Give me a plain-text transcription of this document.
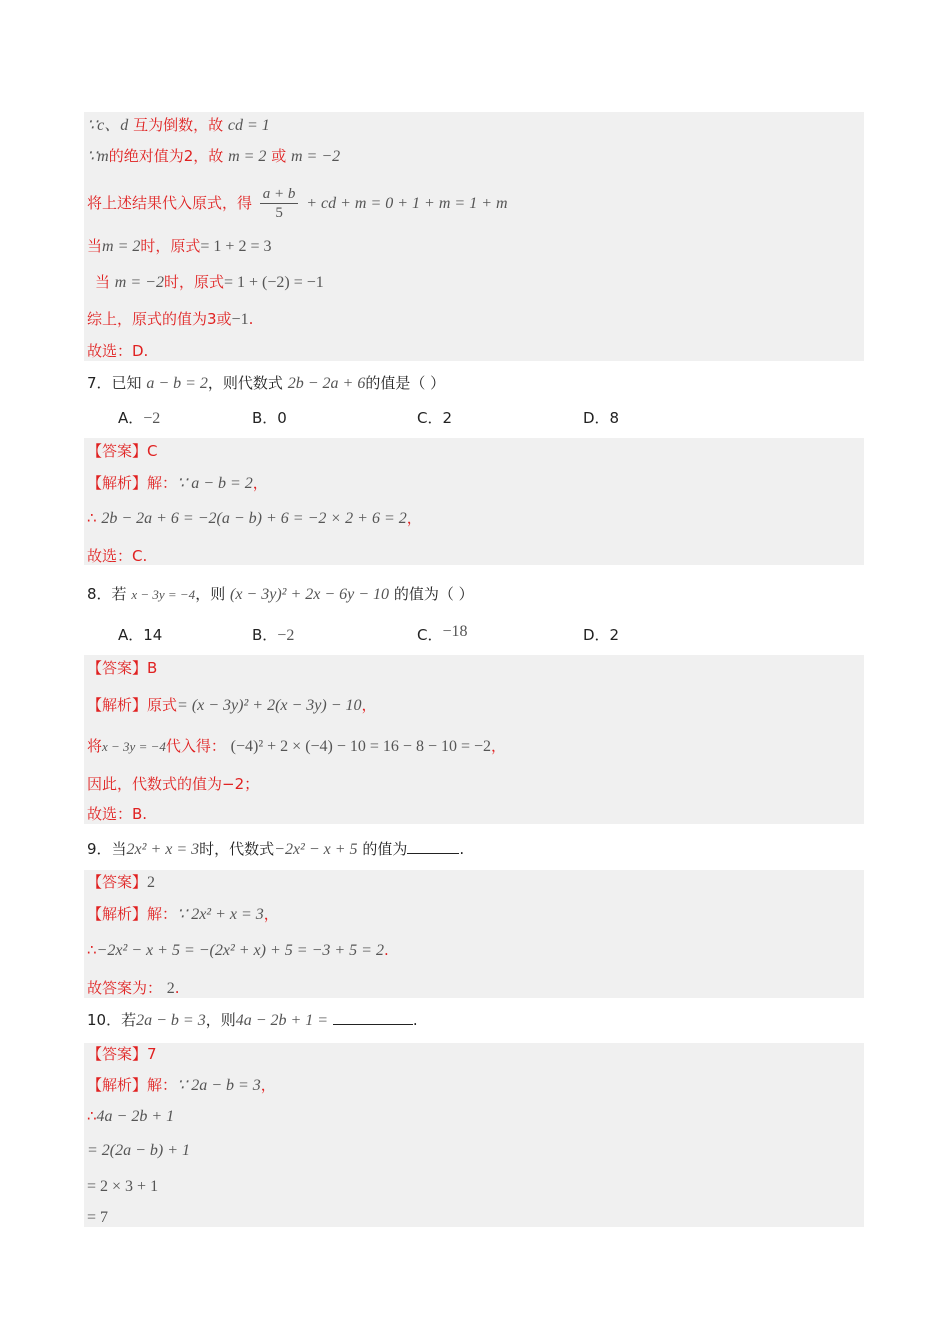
∵c、d 互为倒数，故 cd = 1
∵m的绝对值为2，故 m = 2 或 m = −2
将上述结果代入原式，得 $\frac{a + b}{5}$ + cd + m = 0 + 1 + m = 1 + m
当m = 2时，原式= 1 + 2 = 3
当 m = −2时，原式= 1 + (−2) = −1
综上，原式的值为3或−1.
故选：D.
7．已知 a − b = 2，则代数式 2b − 2a + 6的值是（ ）
A．−2	B．0	C．2	D．8
【答案】C
【解析】解：∵ a − b = 2，
∴ 2b − 2a + 6 = −2(a − b) + 6 = −2 × 2 + 6 = 2，
故选：C.
8．若 x − 3y = −4，则 (x − 3y)² + 2x − 6y − 10 的值为（ ）
A．14	B．−2	C．−18	D．2
【答案】B
【解析】原式= (x − 3y)² + 2(x − 3y) − 10，
将x − 3y = −4代入得： (−4)² + 2 × (−4) − 10 = 16 − 8 − 10 = −2，
因此，代数式的值为−2；
故选：B.
9．当2x² + x = 3时，代数式−2x² − x + 5 的值为	.
【答案】2
【解析】解：∵ 2x² + x = 3，
∴−2x² − x + 5 = −(2x² + x) + 5 = −3 + 5 = 2.
故答案为： 2.
10．若2a − b = 3，则4a − 2b + 1 =	.
【答案】7
【解析】解：∵ 2a − b = 3，
∴4a − 2b + 1
= 2(2a − b) + 1
= 2 × 3 + 1
= 7
